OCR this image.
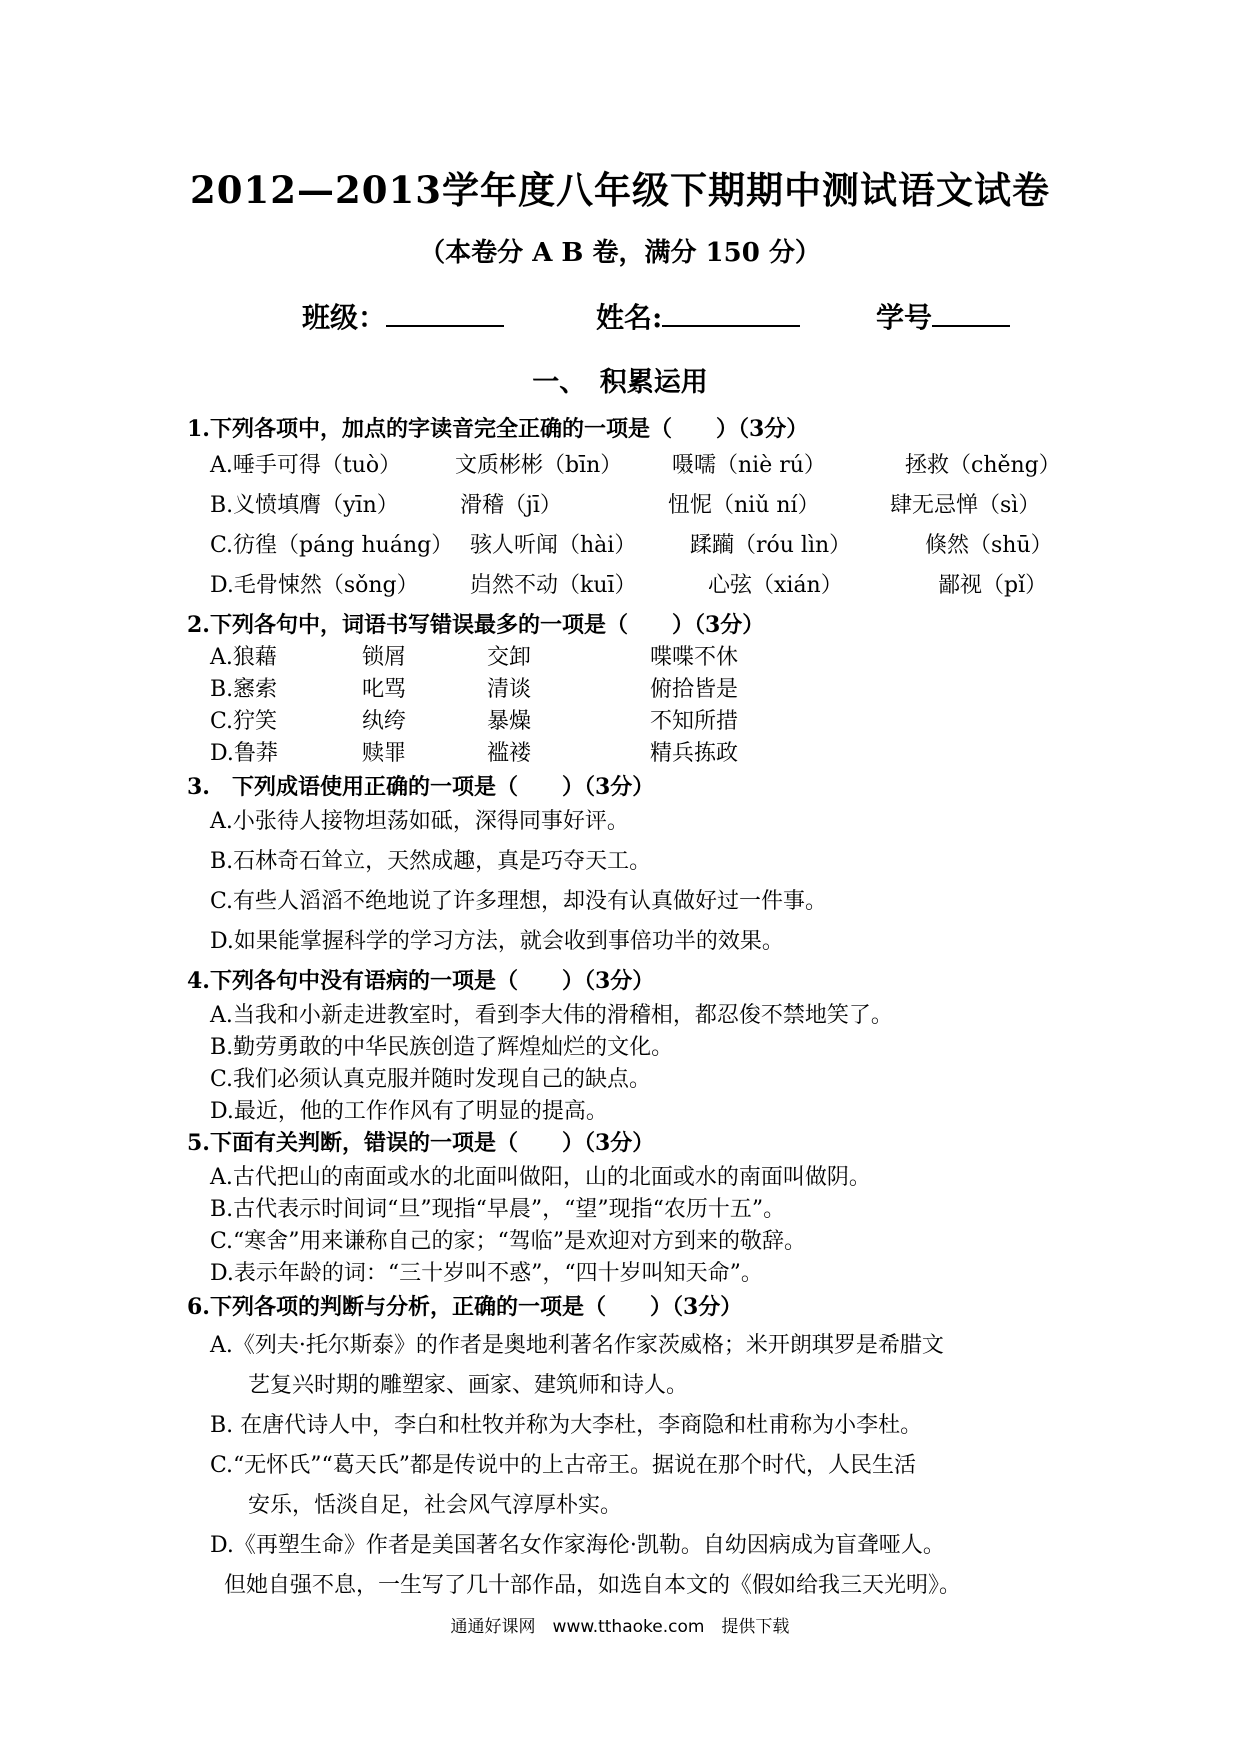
2012—2013学年度八年级下期期中测试语文试卷
（本卷分 A B 卷，满分 150 分）
班级：	姓名:	学号
一、　积累运用
1.下列各项中，加点的字读音完全正确的一项是（　　）（3分）
A.唾手可得（tuò） 文质彬彬（bīn） 嗫嚅（niè rú）	拯救（chěng）
B.义愤填膺（yīn）	滑稽（jī）	忸怩（niǔ ní）	肆无忌惮（sì）
C.彷徨（páng huáng） 骇人听闻（hài） 蹂躏（róu lìn）	倏然（shū）
D.毛骨悚然（sǒng） 岿然不动（kuī）	心弦（xián）	鄙视（pǐ）
2.下列各句中，词语书写错误最多的一项是（　　）（3分）
A.狼藉	锁屑	交卸	喋喋不休
B.窸索	叱骂	清谈	俯拾皆是
C.狞笑	纨绔	暴燥	不知所措
D.鲁莽	赎罪	褴褛	精兵拣政
3.　下列成语使用正确的一项是（　　）（3分）
A.小张待人接物坦荡如砥，深得同事好评。
B.石林奇石耸立，天然成趣，真是巧夺天工。
C.有些人滔滔不绝地说了许多理想，却没有认真做好过一件事。
D.如果能掌握科学的学习方法，就会收到事倍功半的效果。
4.下列各句中没有语病的一项是（　　）（3分）
A.当我和小新走进教室时，看到李大伟的滑稽相，都忍俊不禁地笑了。
B.勤劳勇敢的中华民族创造了辉煌灿烂的文化。
C.我们必须认真克服并随时发现自己的缺点。
D.最近，他的工作作风有了明显的提高。
5.下面有关判断，错误的一项是（　　）（3分）
A.古代把山的南面或水的北面叫做阳，山的北面或水的南面叫做阴。
B.古代表示时间词“旦”现指“早晨”，“望”现指“农历十五”。
C.“寒舍”用来谦称自己的家；“驾临”是欢迎对方到来的敬辞。
D.表示年龄的词：“三十岁叫不惑”，“四十岁叫知天命”。
6.下列各项的判断与分析，正确的一项是（　　）（3分）
A.《列夫·托尔斯泰》的作者是奥地利著名作家茨威格；米开朗琪罗是希腊文
艺复兴时期的雕塑家、画家、建筑师和诗人。
B. 在唐代诗人中，李白和杜牧并称为大李杜，李商隐和杜甫称为小李杜。
C.“无怀氏”“葛天氏”都是传说中的上古帝王。据说在那个时代，人民生活
安乐，恬淡自足，社会风气淳厚朴实。
D.《再塑生命》作者是美国著名女作家海伦·凯勒。自幼因病成为盲聋哑人。
但她自强不息，一生写了几十部作品，如选自本文的《假如给我三天光明》。
通通好课网　www.tthaoke.com　提供下载
